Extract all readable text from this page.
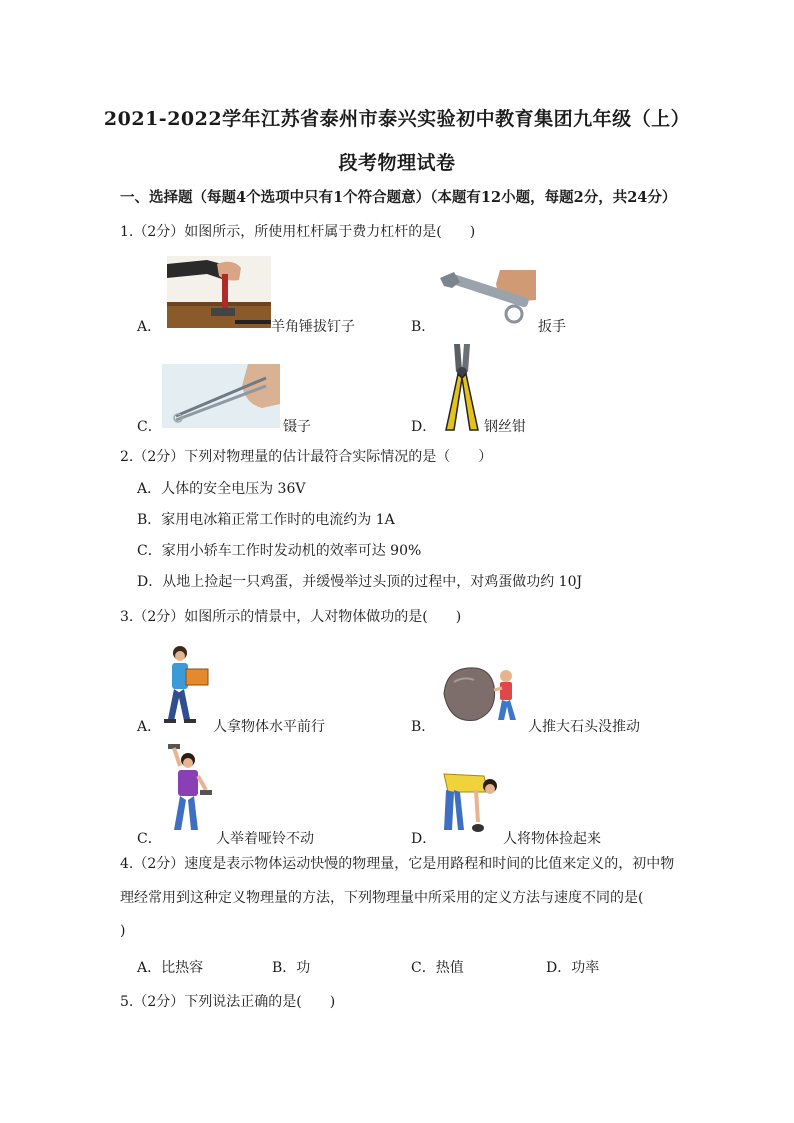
2021-2022学年江苏省泰州市泰兴实验初中教育集团九年级（上）
段考物理试卷
一、选择题（每题4个选项中只有1个符合题意）（本题有12小题，每题2分，共24分）
1.（2分）如图所示，所使用杠杆属于费力杠杆的是(　　)
A．	羊角锤拔钉子	B．	扳手
C．	镊子	D．	钢丝钳
2.（2分）下列对物理量的估计最符合实际情况的是（　　）
A．人体的安全电压为 36V
B．家用电冰箱正常工作时的电流约为 1A
C．家用小轿车工作时发动机的效率可达 90%
D．从地上捡起一只鸡蛋，并缓慢举过头顶的过程中，对鸡蛋做功约 10J
3.（2分）如图所示的情景中，人对物体做功的是(　　)
A．	人拿物体水平前行	B．	人推大石头没推动
C．	人举着哑铃不动	D．	人将物体捡起来
4.（2分）速度是表示物体运动快慢的物理量，它是用路程和时间的比值来定义的，初中物
理经常用到这种定义物理量的方法，下列物理量中所采用的定义方法与速度不同的是(
)
A．比热容	B．功	C．热值	D．功率
5.（2分）下列说法正确的是(　　)
